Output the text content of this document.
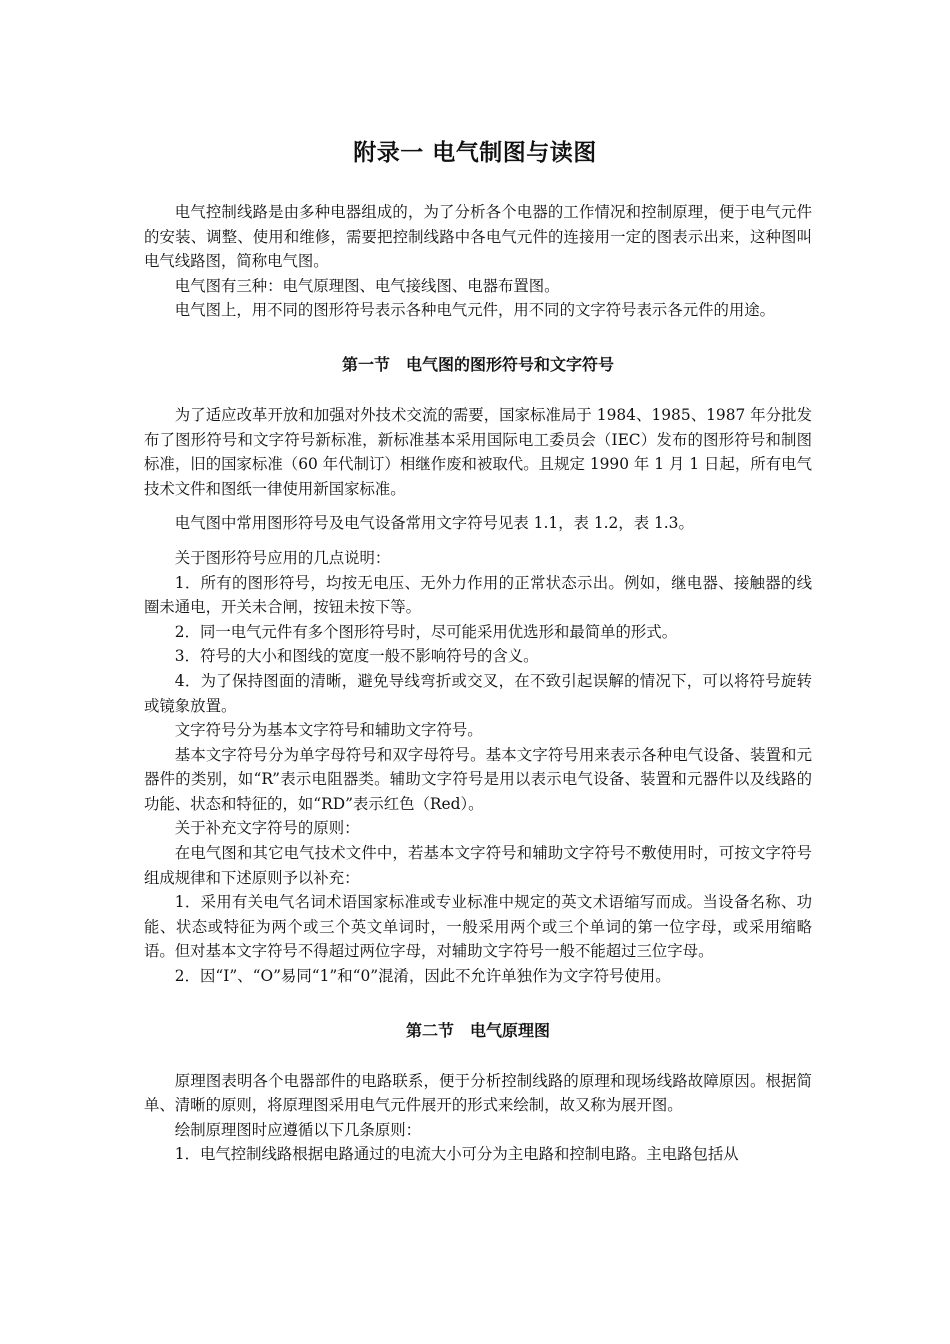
附录一 电气制图与读图

电气控制线路是由多种电器组成的，为了分析各个电器的工作情况和控制原理，便于电气元件的安装、调整、使用和维修，需要把控制线路中各电气元件的连接用一定的图表示出来，这种图叫电气线路图，简称电气图。

电气图有三种：电气原理图、电气接线图、电器布置图。

电气图上，用不同的图形符号表示各种电气元件，用不同的文字符号表示各元件的用途。

第一节　电气图的图形符号和文字符号

为了适应改革开放和加强对外技术交流的需要，国家标准局于 1984、1985、1987 年分批发布了图形符号和文字符号新标准，新标准基本采用国际电工委员会（IEC）发布的图形符号和制图标准，旧的国家标准（60 年代制订）相继作废和被取代。且规定 1990 年 1 月 1 日起，所有电气技术文件和图纸一律使用新国家标准。

电气图中常用图形符号及电气设备常用文字符号见表 1.1，表 1.2，表 1.3。

关于图形符号应用的几点说明：

1．所有的图形符号，均按无电压、无外力作用的正常状态示出。例如，继电器、接触器的线圈未通电，开关未合闸，按钮未按下等。

2．同一电气元件有多个图形符号时，尽可能采用优选形和最简单的形式。

3．符号的大小和图线的宽度一般不影响符号的含义。

4．为了保持图面的清晰，避免导线弯折或交叉，在不致引起误解的情况下，可以将符号旋转或镜象放置。

文字符号分为基本文字符号和辅助文字符号。

基本文字符号分为单字母符号和双字母符号。基本文字符号用来表示各种电气设备、装置和元器件的类别，如“R”表示电阻器类。辅助文字符号是用以表示电气设备、装置和元器件以及线路的功能、状态和特征的，如“RD”表示红色（Red）。

关于补充文字符号的原则：

在电气图和其它电气技术文件中，若基本文字符号和辅助文字符号不敷使用时，可按文字符号组成规律和下述原则予以补充：

1．采用有关电气名词术语国家标准或专业标准中规定的英文术语缩写而成。当设备名称、功能、状态或特征为两个或三个英文单词时，一般采用两个或三个单词的第一位字母，或采用缩略语。但对基本文字符号不得超过两位字母，对辅助文字符号一般不能超过三位字母。

2．因“I”、“O”易同“1”和“0”混淆，因此不允许单独作为文字符号使用。

第二节　电气原理图

原理图表明各个电器部件的电路联系，便于分析控制线路的原理和现场线路故障原因。根据简单、清晰的原则，将原理图采用电气元件展开的形式来绘制，故又称为展开图。

绘制原理图时应遵循以下几条原则：

1．电气控制线路根据电路通过的电流大小可分为主电路和控制电路。主电路包括从
